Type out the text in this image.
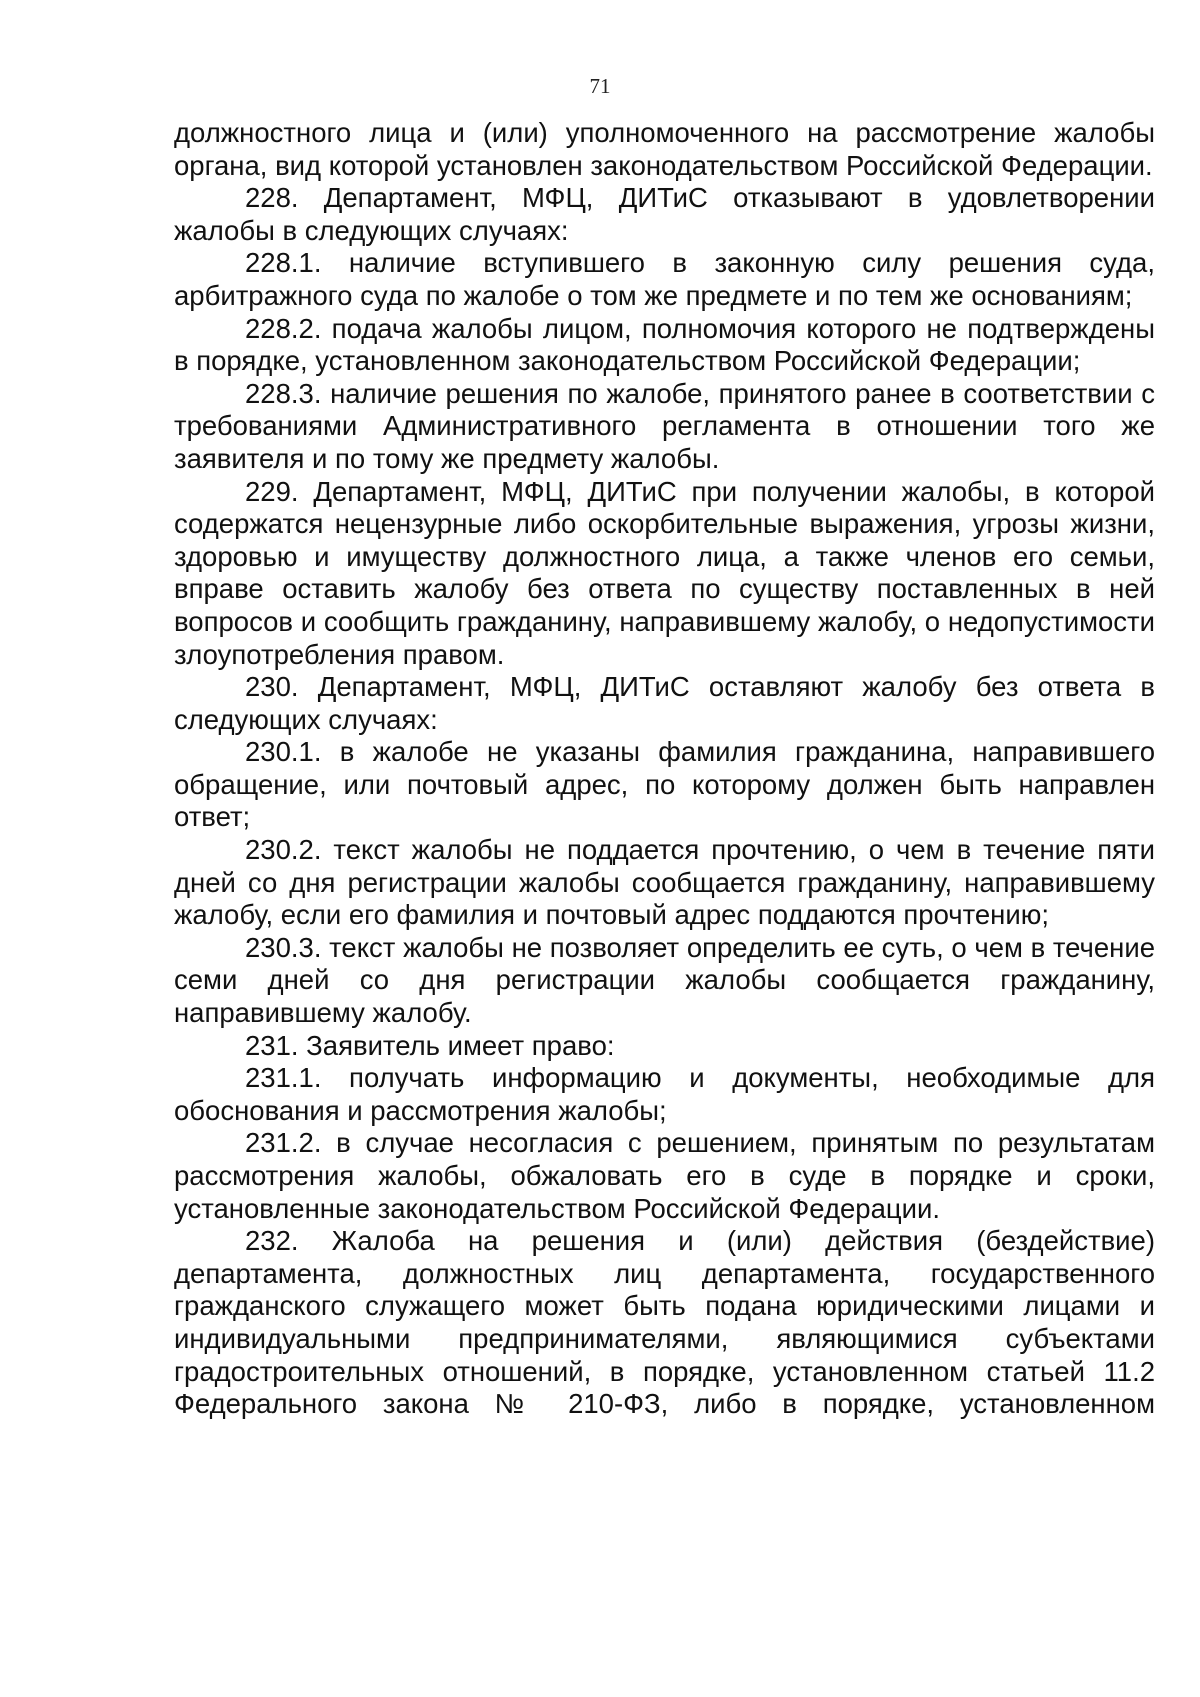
71

должностного лица и (или) уполномоченного на рассмотрение жалобы органа, вид которой установлен законодательством Российской Федерации.

228. Департамент, МФЦ, ДИТиС отказывают в удовлетворении жалобы в следующих случаях:

228.1. наличие вступившего в законную силу решения суда, арбитражного суда по жалобе о том же предмете и по тем же основаниям;

228.2. подача жалобы лицом, полномочия которого не подтверждены в порядке, установленном законодательством Российской Федерации;

228.3. наличие решения по жалобе, принятого ранее в соответствии с требованиями Административного регламента в отношении того же заявителя и по тому же предмету жалобы.

229. Департамент, МФЦ, ДИТиС при получении жалобы, в которой содержатся нецензурные либо оскорбительные выражения, угрозы жизни, здоровью и имуществу должностного лица, а также членов его семьи, вправе оставить жалобу без ответа по существу поставленных в ней вопросов и сообщить гражданину, направившему жалобу, о недопустимости злоупотребления правом.

230. Департамент, МФЦ, ДИТиС оставляют жалобу без ответа в следующих случаях:

230.1. в жалобе не указаны фамилия гражданина, направившего обращение, или почтовый адрес, по которому должен быть направлен ответ;

230.2. текст жалобы не поддается прочтению, о чем в течение пяти дней со дня регистрации жалобы сообщается гражданину, направившему жалобу, если его фамилия и почтовый адрес поддаются прочтению;

230.3. текст жалобы не позволяет определить ее суть, о чем в течение семи дней со дня регистрации жалобы сообщается гражданину, направившему жалобу.

231. Заявитель имеет право:

231.1. получать информацию и документы, необходимые для обоснования и рассмотрения жалобы;

231.2. в случае несогласия с решением, принятым по результатам рассмотрения жалобы, обжаловать его в суде в порядке и сроки, установленные законодательством Российской Федерации.

232. Жалоба на решения и (или) действия (бездействие) департамента, должностных лиц департамента, государственного гражданского служащего может быть подана юридическими лицами и индивидуальными предпринимателями, являющимися субъектами градостроительных отношений, в порядке, установленном статьей 11.2 Федерального закона № 210-ФЗ, либо в порядке, установленном
